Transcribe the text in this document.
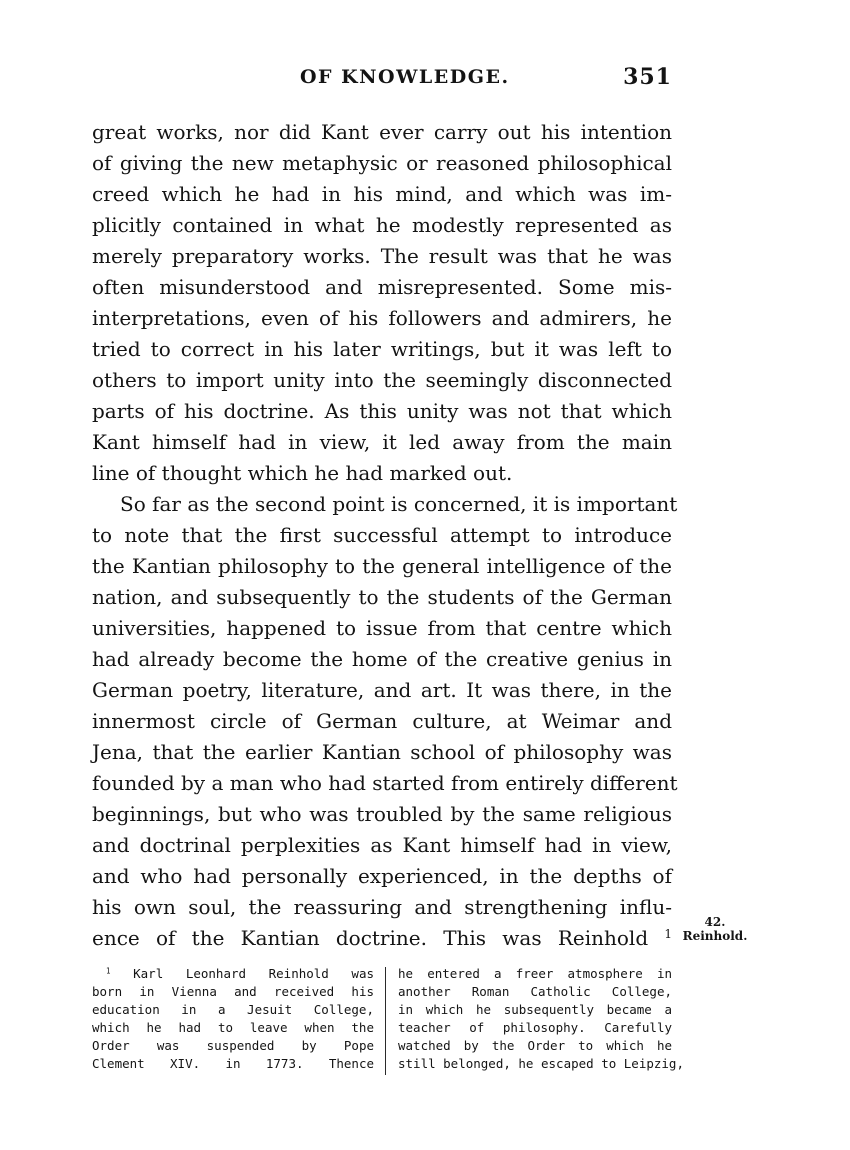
OF KNOWLEDGE.	351
great works, nor did Kant ever carry out his intention
of giving the new metaphysic or reasoned philosophical
creed which he had in his mind, and which was im-
plicitly contained in what he modestly represented as
merely preparatory works. The result was that he was
often misunderstood and misrepresented. Some mis-
interpretations, even of his followers and admirers, he
tried to correct in his later writings, but it was left to
others to import unity into the seemingly disconnected
parts of his doctrine. As this unity was not that which
Kant himself had in view, it led away from the main
line of thought which he had marked out.
So far as the second point is concerned, it is important
to note that the first successful attempt to introduce
the Kantian philosophy to the general intelligence of the
nation, and subsequently to the students of the German
universities, happened to issue from that centre which
had already become the home of the creative genius in
German poetry, literature, and art. It was there, in the
innermost circle of German culture, at Weimar and
Jena, that the earlier Kantian school of philosophy was
founded by a man who had started from entirely different
beginnings, but who was troubled by the same religious
and doctrinal perplexities as Kant himself had in view,
and who had personally experienced, in the depths of
his own soul, the reassuring and strengthening influ-
ence of the Kantian doctrine. This was Reinhold $^1$
42.
Reinhold.
$^1$ Karl Leonhard Reinhold was
born in Vienna and received his
education in a Jesuit College,
which he had to leave when the
Order was suspended by Pope
Clement XIV. in 1773. Thence
he entered a freer atmosphere in
another Roman Catholic College,
in which he subsequently became a
teacher of philosophy. Carefully
watched by the Order to which he
still belonged, he escaped to Leipzig,
